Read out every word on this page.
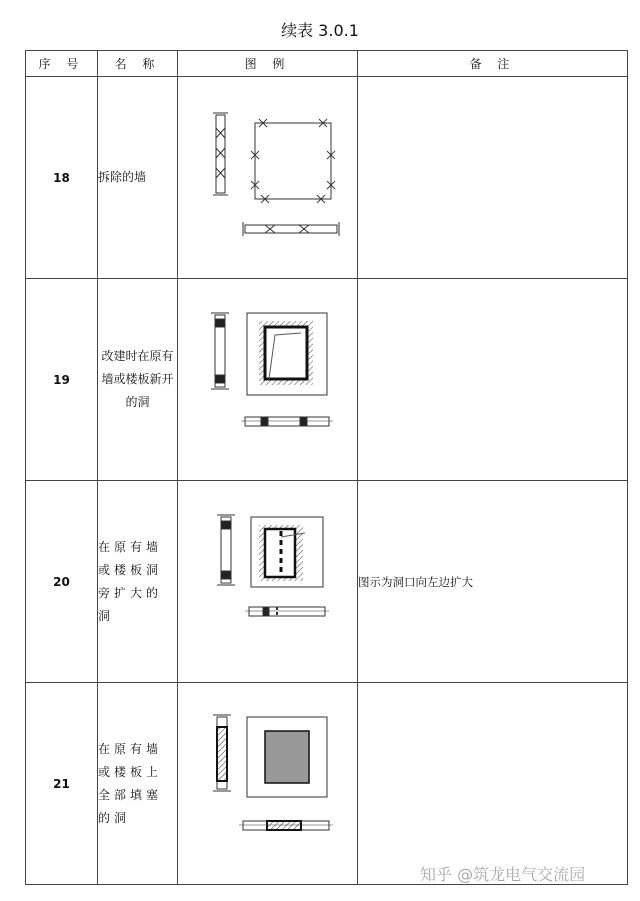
续表 3.0.1
序 号	名 称	图 例	备 注
18	拆除的墙	

19	改建时在原有墙或楼板新开的洞	

20	在原有墙或楼板洞旁扩大的洞		图示为洞口向左边扩大
21	在原有墙或楼板上全部填塞的洞	

知乎 @筑龙电气交流园
